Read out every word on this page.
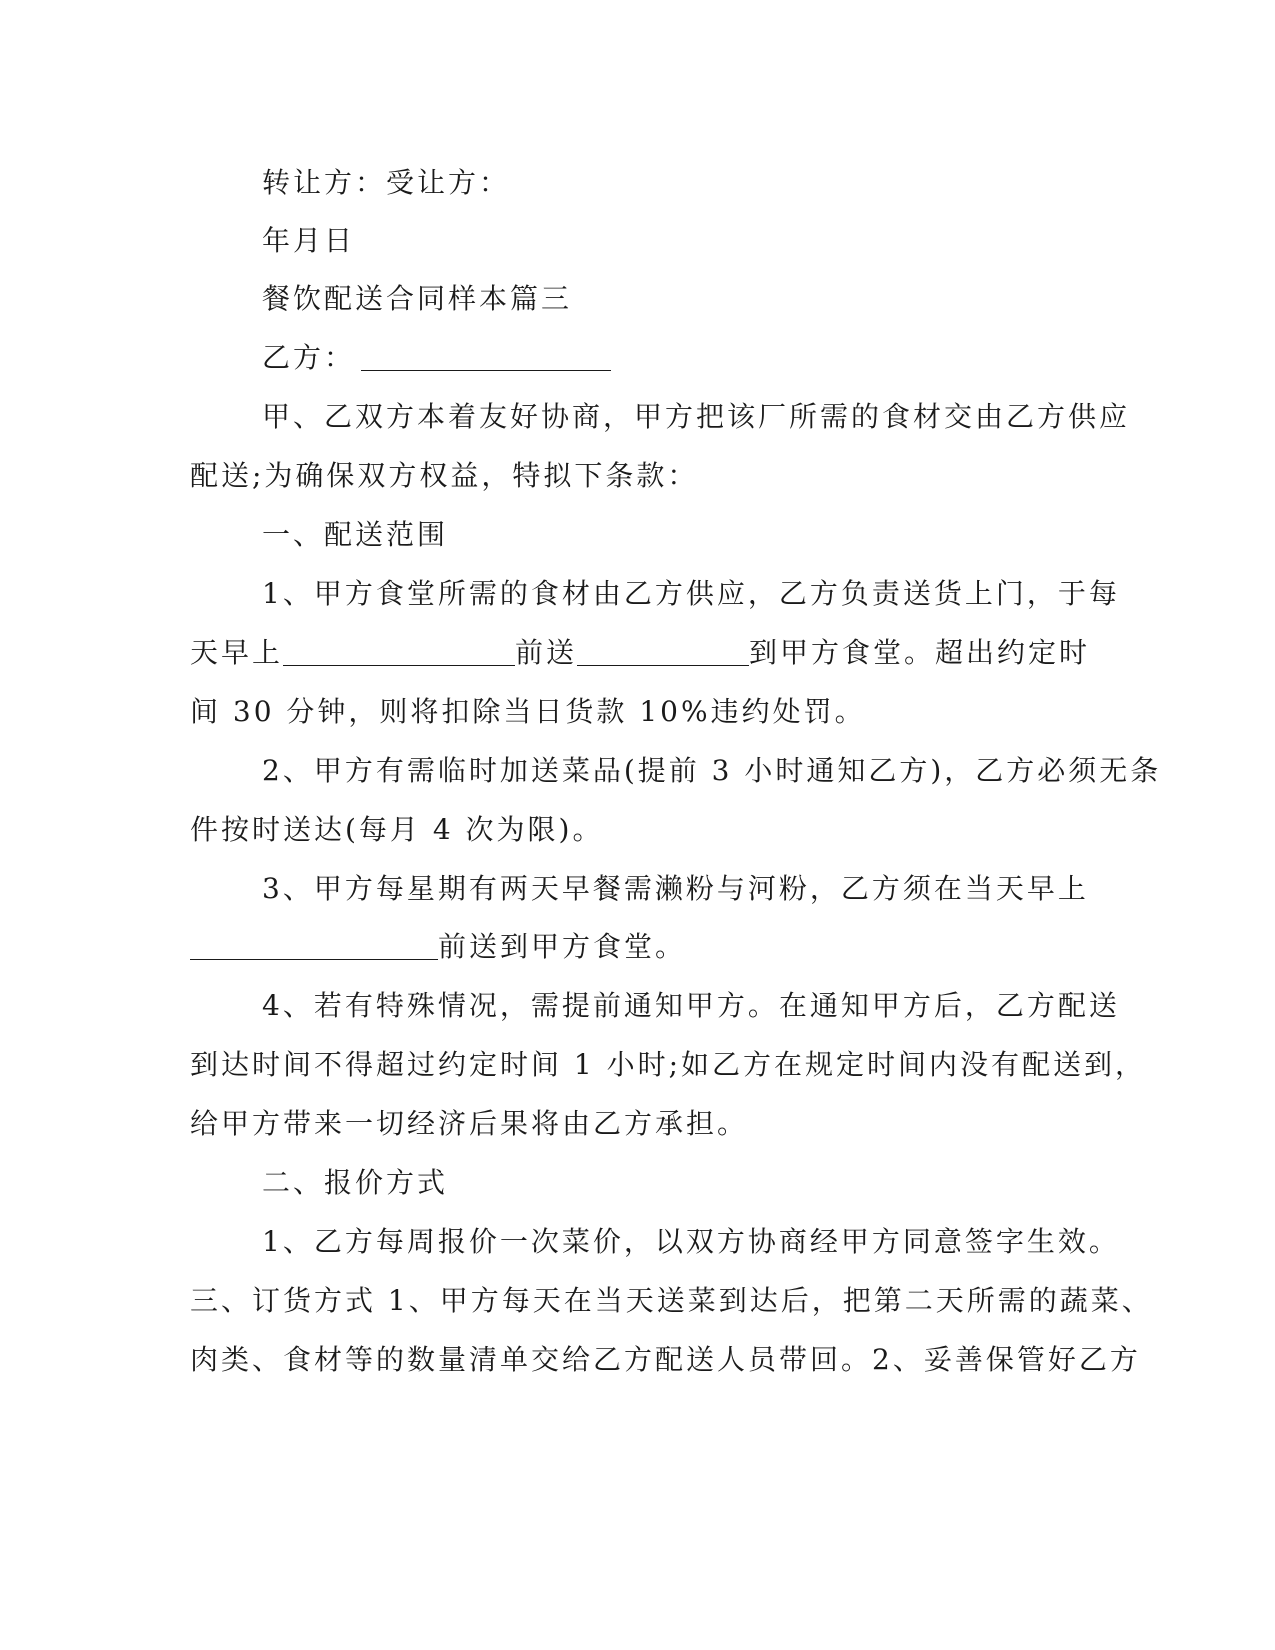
转让方：受让方：
年月日
餐饮配送合同样本篇三
乙方：
甲、乙双方本着友好协商，甲方把该厂所需的食材交由乙方供应
配送;为确保双方权益，特拟下条款：
一、配送范围
1、甲方食堂所需的食材由乙方供应，乙方负责送货上门，于每
天早上	前送	到甲方食堂。超出约定时
间 30 分钟，则将扣除当日货款 10%违约处罚。
2、甲方有需临时加送菜品(提前 3 小时通知乙方)，乙方必须无条
件按时送达(每月 4 次为限)。
3、甲方每星期有两天早餐需濑粉与河粉，乙方须在当天早上
前送到甲方食堂。
4、若有特殊情况，需提前通知甲方。在通知甲方后，乙方配送
到达时间不得超过约定时间 1 小时;如乙方在规定时间内没有配送到，
给甲方带来一切经济后果将由乙方承担。
二、报价方式
1、乙方每周报价一次菜价，以双方协商经甲方同意签字生效。
三、订货方式 1、甲方每天在当天送菜到达后，把第二天所需的蔬菜、
肉类、食材等的数量清单交给乙方配送人员带回。2、妥善保管好乙方
